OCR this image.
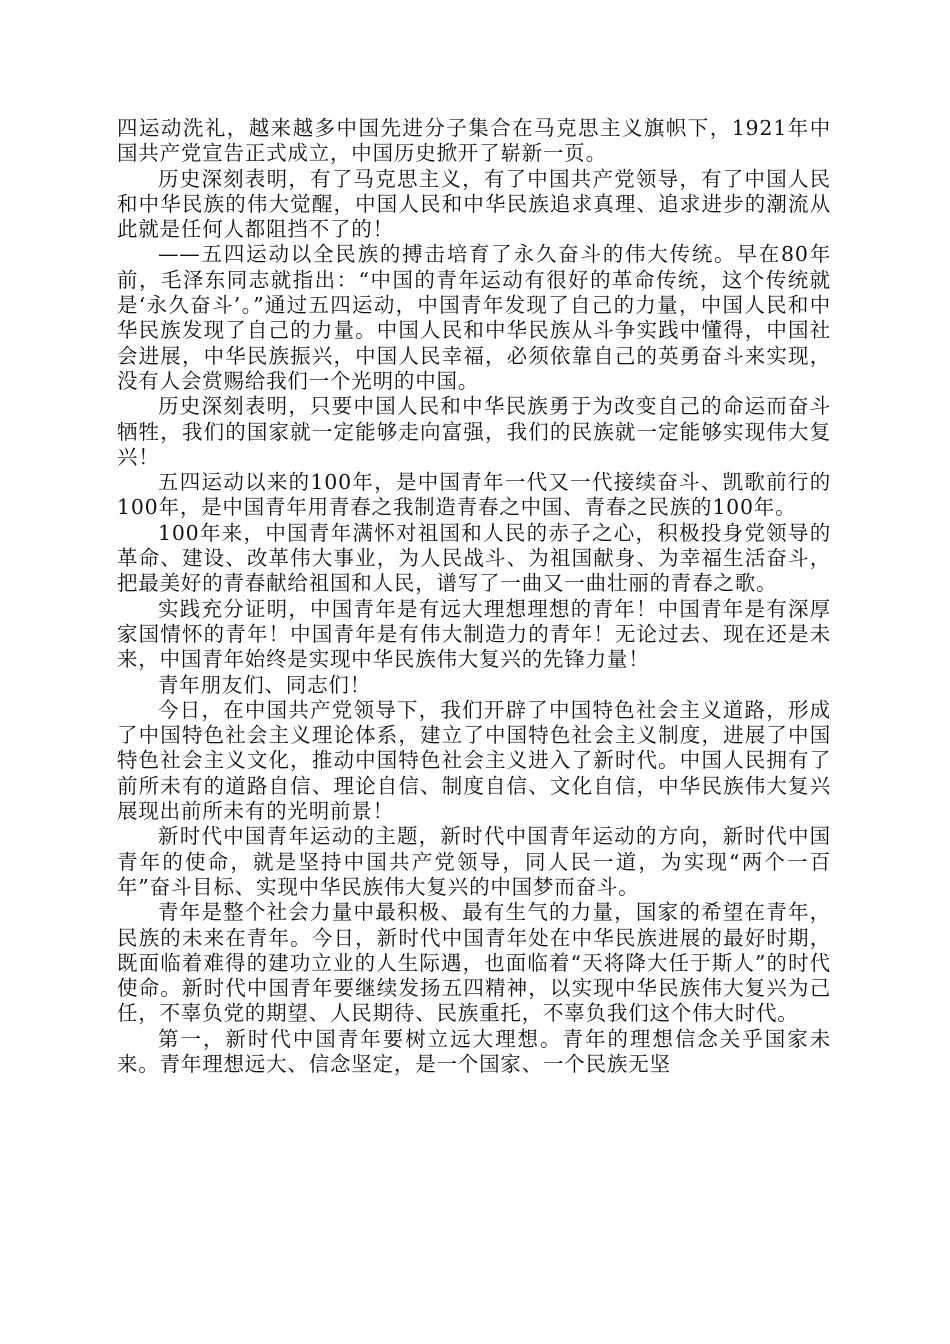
四运动洗礼，越来越多中国先进分子集合在马克思主义旗帜下，1921年中国共产党宣告正式成立，中国历史掀开了崭新一页。

历史深刻表明，有了马克思主义，有了中国共产党领导，有了中国人民和中华民族的伟大觉醒，中国人民和中华民族追求真理、追求进步的潮流从此就是任何人都阻挡不了的！

——五四运动以全民族的搏击培育了永久奋斗的伟大传统。早在80年前，毛泽东同志就指出：“中国的青年运动有很好的革命传统，这个传统就是‘永久奋斗’。”通过五四运动，中国青年发现了自己的力量，中国人民和中华民族发现了自己的力量。中国人民和中华民族从斗争实践中懂得，中国社会进展，中华民族振兴，中国人民幸福，必须依靠自己的英勇奋斗来实现，没有人会赏赐给我们一个光明的中国。

历史深刻表明，只要中国人民和中华民族勇于为改变自己的命运而奋斗牺牲，我们的国家就一定能够走向富强，我们的民族就一定能够实现伟大复兴！

五四运动以来的100年，是中国青年一代又一代接续奋斗、凯歌前行的100年，是中国青年用青春之我制造青春之中国、青春之民族的100年。

100年来，中国青年满怀对祖国和人民的赤子之心，积极投身党领导的革命、建设、改革伟大事业，为人民战斗、为祖国献身、为幸福生活奋斗，把最美好的青春献给祖国和人民，谱写了一曲又一曲壮丽的青春之歌。

实践充分证明，中国青年是有远大理想理想的青年！中国青年是有深厚家国情怀的青年！中国青年是有伟大制造力的青年！无论过去、现在还是未来，中国青年始终是实现中华民族伟大复兴的先锋力量！

青年朋友们、同志们！

今日，在中国共产党领导下，我们开辟了中国特色社会主义道路，形成了中国特色社会主义理论体系，建立了中国特色社会主义制度，进展了中国特色社会主义文化，推动中国特色社会主义进入了新时代。中国人民拥有了前所未有的道路自信、理论自信、制度自信、文化自信，中华民族伟大复兴展现出前所未有的光明前景！

新时代中国青年运动的主题，新时代中国青年运动的方向，新时代中国青年的使命，就是坚持中国共产党领导，同人民一道，为实现“两个一百年”奋斗目标、实现中华民族伟大复兴的中国梦而奋斗。

青年是整个社会力量中最积极、最有生气的力量，国家的希望在青年，民族的未来在青年。今日，新时代中国青年处在中华民族进展的最好时期，既面临着难得的建功立业的人生际遇，也面临着“天将降大任于斯人”的时代使命。新时代中国青年要继续发扬五四精神，以实现中华民族伟大复兴为己任，不辜负党的期望、人民期待、民族重托，不辜负我们这个伟大时代。

第一，新时代中国青年要树立远大理想。青年的理想信念关乎国家未来。青年理想远大、信念坚定，是一个国家、一个民族无坚
